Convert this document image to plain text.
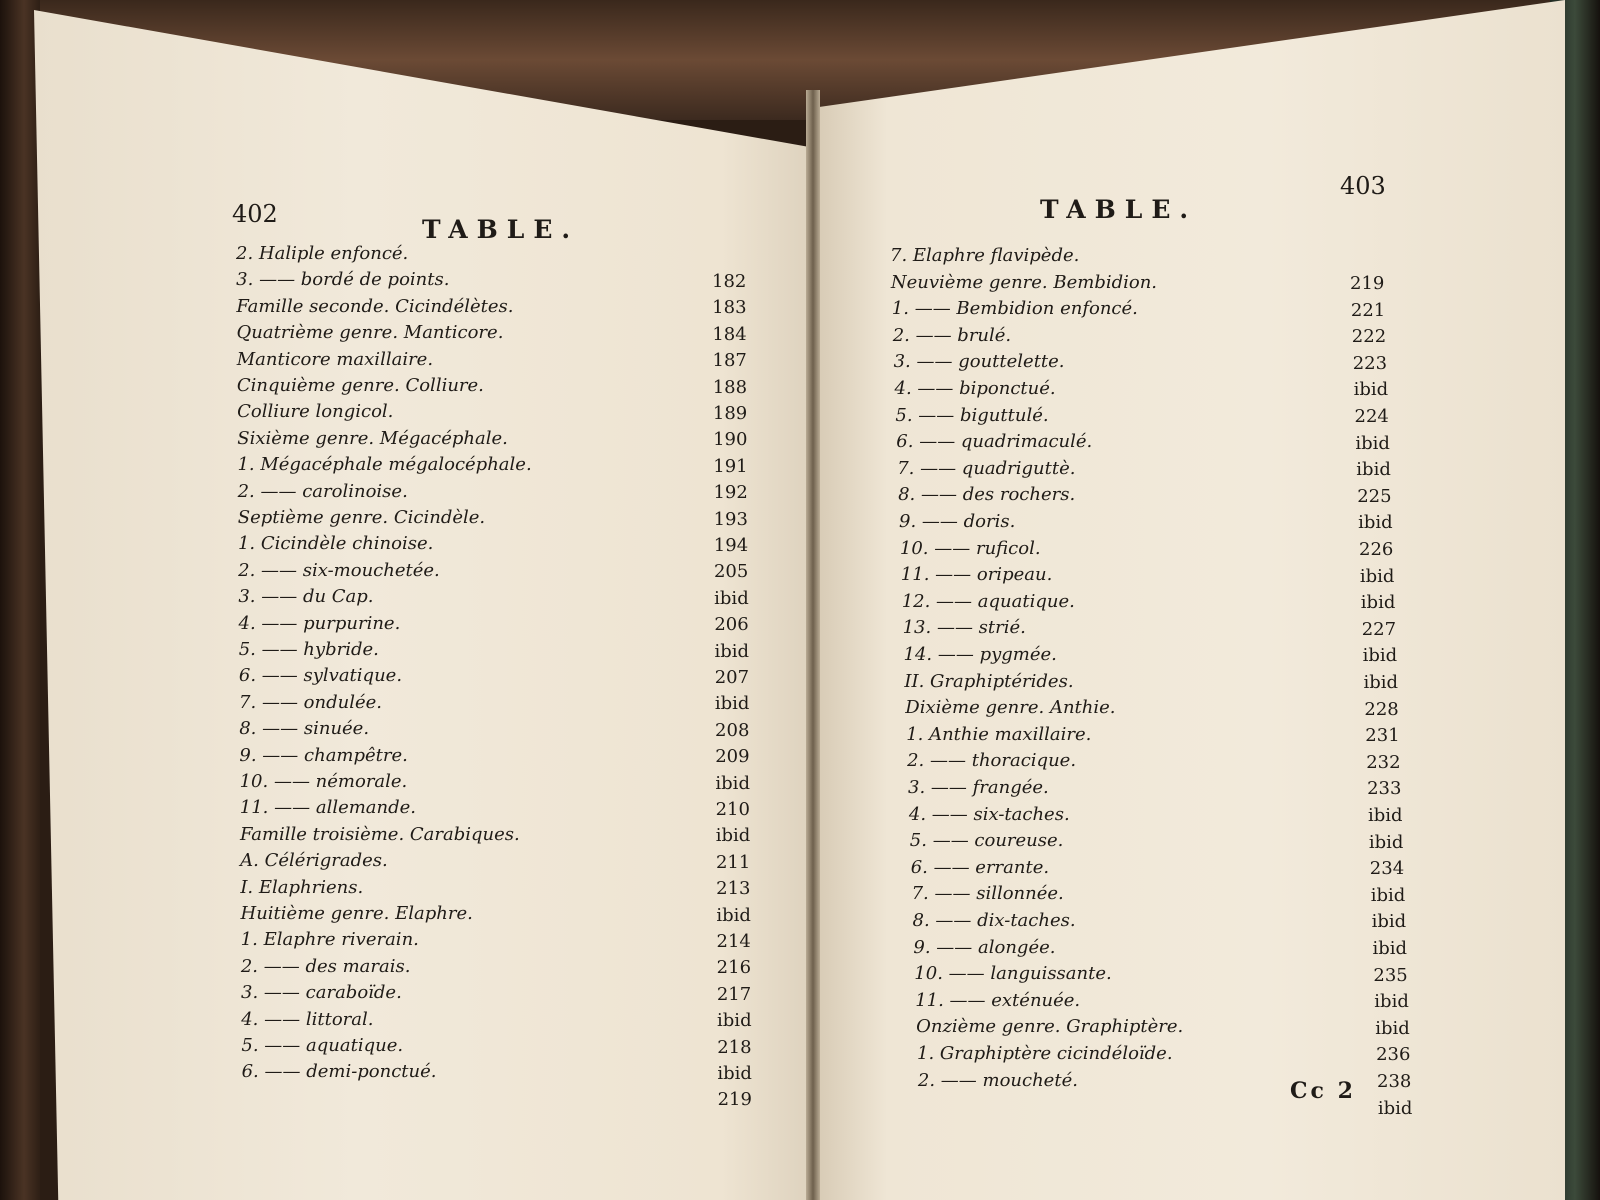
402
TABLE.
TABLE.
403
2. Haliple enfoncé.
182
3. —— bordé de points.
183
Famille seconde. Cicindélètes.
184
Quatrième genre. Manticore.
187
Manticore maxillaire.
188
Cinquième genre. Colliure.
189
Colliure longicol.
190
Sixième genre. Mégacéphale.
191
1. Mégacéphale mégalocéphale.
192
2. —— carolinoise.
193
Septième genre. Cicindèle.
194
1. Cicindèle chinoise.
205
2. —— six-mouchetée.
ibid
3. —— du Cap.
206
4. —— purpurine.
ibid
5. —— hybride.
207
6. —— sylvatique.
ibid
7. —— ondulée.
208
8. —— sinuée.
209
9. —— champêtre.
ibid
10. —— némorale.
210
11. —— allemande.
ibid
Famille troisième. Carabiques.
211
A. Célérigrades.
213
I. Elaphriens.
ibid
Huitième genre. Elaphre.
214
1. Elaphre riverain.
216
2. —— des marais.
217
3. —— caraboïde.
ibid
4. —— littoral.
218
5. —— aquatique.
ibid
6. —— demi-ponctué.
219
7. Elaphre flavipède.
219
Neuvième genre. Bembidion.
221
1. —— Bembidion enfoncé.
222
2. —— brulé.
223
3. —— gouttelette.
ibid
4. —— biponctué.
224
5. —— biguttulé.
ibid
6. —— quadrimaculé.
ibid
7. —— quadriguttè.
225
8. —— des rochers.
ibid
9. —— doris.
226
10. —— ruficol.
ibid
11. —— oripeau.
ibid
12. —— aquatique.
227
13. —— strié.
ibid
14. —— pygmée.
ibid
II. Graphiptérides.
228
Dixième genre. Anthie.
231
1. Anthie maxillaire.
232
2. —— thoracique.
233
3. —— frangée.
ibid
4. —— six-taches.
ibid
5. —— coureuse.
234
6. —— errante.
ibid
7. —— sillonnée.
ibid
8. —— dix-taches.
ibid
9. —— alongée.
235
10. —— languissante.
ibid
11. —— exténuée.
ibid
Onzième genre. Graphiptère.
236
1. Graphiptère cicindéloïde.
238
2. —— moucheté.
ibid
Cc 2
